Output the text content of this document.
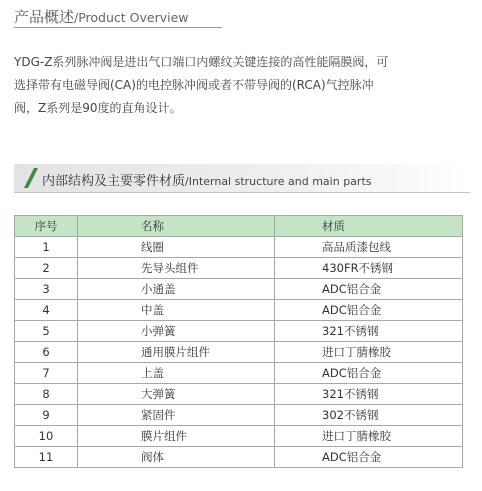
产品概述/Product Overview

YDG-Z系列脉冲阀是进出气口端口内螺纹关键连接的高性能隔膜阀，可

选择带有电磁导阀(CA)的电控脉冲阀或者不带导阀的(RCA)气控脉冲

阀，Z系列是90度的直角设计。

内部结构及主要零件材质/Internal structure and main parts
序号	名称	材质
1	线圈	高品质漆包线
2	先导头组件	430FR不锈钢
3	小通盖	ADC铝合金
4	中盖	ADC铝合金
5	小弹簧	321不锈钢
6	通用膜片组件	进口丁腈橡胶
7	上盖	ADC铝合金
8	大弹簧	321不锈钢
9	紧固件	302不锈钢
10	膜片组件	进口丁腈橡胶
11	阀体	ADC铝合金
